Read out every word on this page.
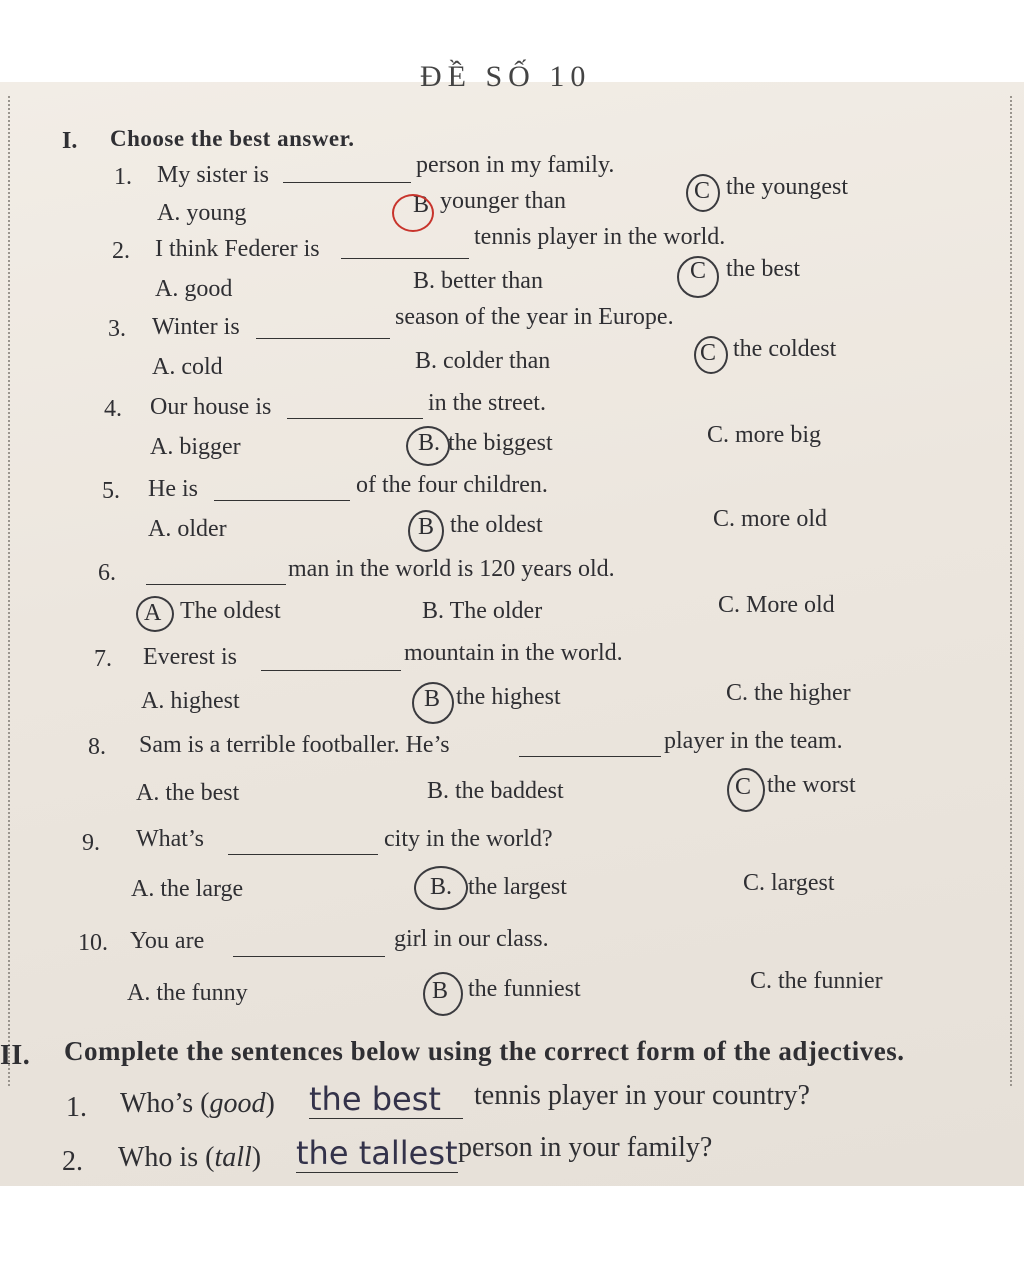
ĐỀ SỐ 10
I. Choose the best answer.
1. My sister is	person in my family.
A. young	B younger than	C the youngest
2. I think Federer is	tennis player in the world.
A. good	B. better than	C the best
3. Winter is	season of the year in Europe.
A. cold	B. colder than	C the coldest
4. Our house is	in the street.
A. bigger	B. the biggest	C. more big
5. He is	of the four children.
A. older	B the oldest	C. more old
6.	man in the world is 120 years old.
A The oldest	B. The older	C. More old
7. Everest is	mountain in the world.
A. highest	B the highest	C. the higher
8. Sam is a terrible footballer. He’s	player in the team.
A. the best	B. the baddest	C the worst
9. What’s	city in the world?
A. the large	B. the largest	C. largest
10. You are	girl in our class.
A. the funny	B the funniest	C. the funnier
II. Complete the sentences below using the correct form of the adjectives.
1. Who’s (good) the best	tennis player in your country?
2. Who is (tall) the tallest person in your family?
